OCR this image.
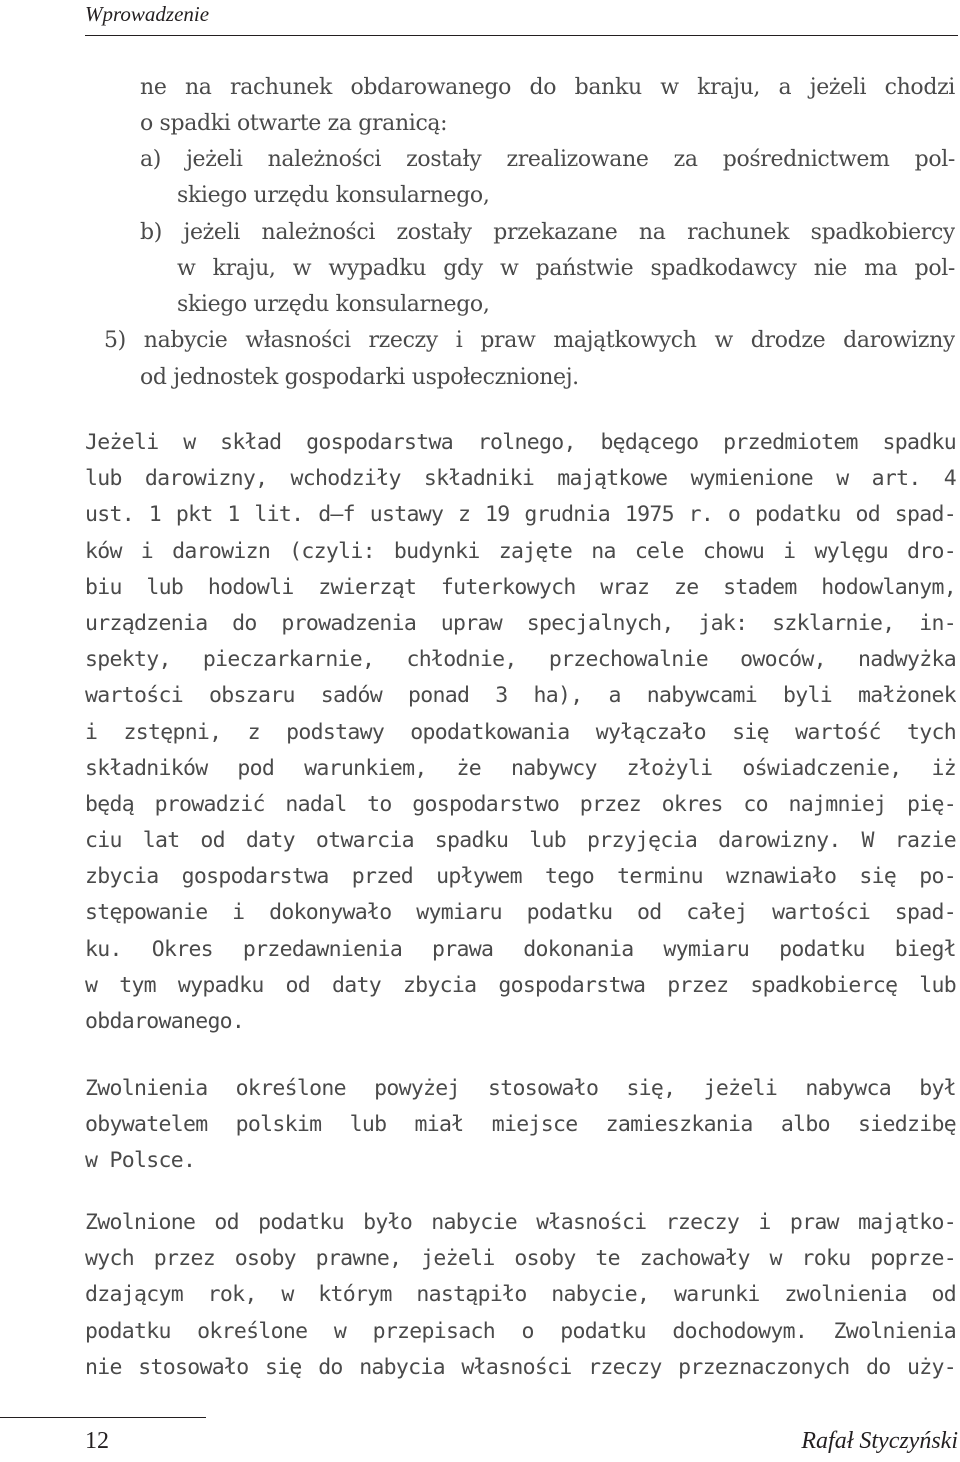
Wprowadzenie
ne na rachunek obdarowanego do banku w kraju, a jeżeli chodzi
o spadki otwarte za granicą:
a) jeżeli należności zostały zrealizowane za pośrednictwem pol-
skiego urzędu konsularnego,
b) jeżeli należności zostały przekazane na rachunek spadkobiercy
w kraju, w wypadku gdy w państwie spadkodawcy nie ma pol-
skiego urzędu konsularnego,
5) nabycie własności rzeczy i praw majątkowych w drodze darowizny
od jednostek gospodarki uspołecznionej.
Jeżeli w skład gospodarstwa rolnego, będącego przedmiotem spadku
lub darowizny, wchodziły składniki majątkowe wymienione w art. 4
ust. 1 pkt 1 lit. d–f ustawy z 19 grudnia 1975 r. o podatku od spad-
ków i darowizn (czyli: budynki zajęte na cele chowu i wylęgu dro-
biu lub hodowli zwierząt futerkowych wraz ze stadem hodowlanym,
urządzenia do prowadzenia upraw specjalnych, jak: szklarnie, in-
spekty, pieczarkarnie, chłodnie, przechowalnie owoców, nadwyżka
wartości obszaru sadów ponad 3 ha), a nabywcami byli małżonek
i zstępni, z podstawy opodatkowania wyłączało się wartość tych
składników pod warunkiem, że nabywcy złożyli oświadczenie, iż
będą prowadzić nadal to gospodarstwo przez okres co najmniej pię-
ciu lat od daty otwarcia spadku lub przyjęcia darowizny. W razie
zbycia gospodarstwa przed upływem tego terminu wznawiało się po-
stępowanie i dokonywało wymiaru podatku od całej wartości spad-
ku. Okres przedawnienia prawa dokonania wymiaru podatku biegł
w tym wypadku od daty zbycia gospodarstwa przez spadkobiercę lub
obdarowanego.
Zwolnienia określone powyżej stosowało się, jeżeli nabywca był
obywatelem polskim lub miał miejsce zamieszkania albo siedzibę
w Polsce.
Zwolnione od podatku było nabycie własności rzeczy i praw majątko-
wych przez osoby prawne, jeżeli osoby te zachowały w roku poprze-
dzającym rok, w którym nastąpiło nabycie, warunki zwolnienia od
podatku określone w przepisach o podatku dochodowym. Zwolnienia
nie stosowało się do nabycia własności rzeczy przeznaczonych do uży-
12	Rafał Styczyński
